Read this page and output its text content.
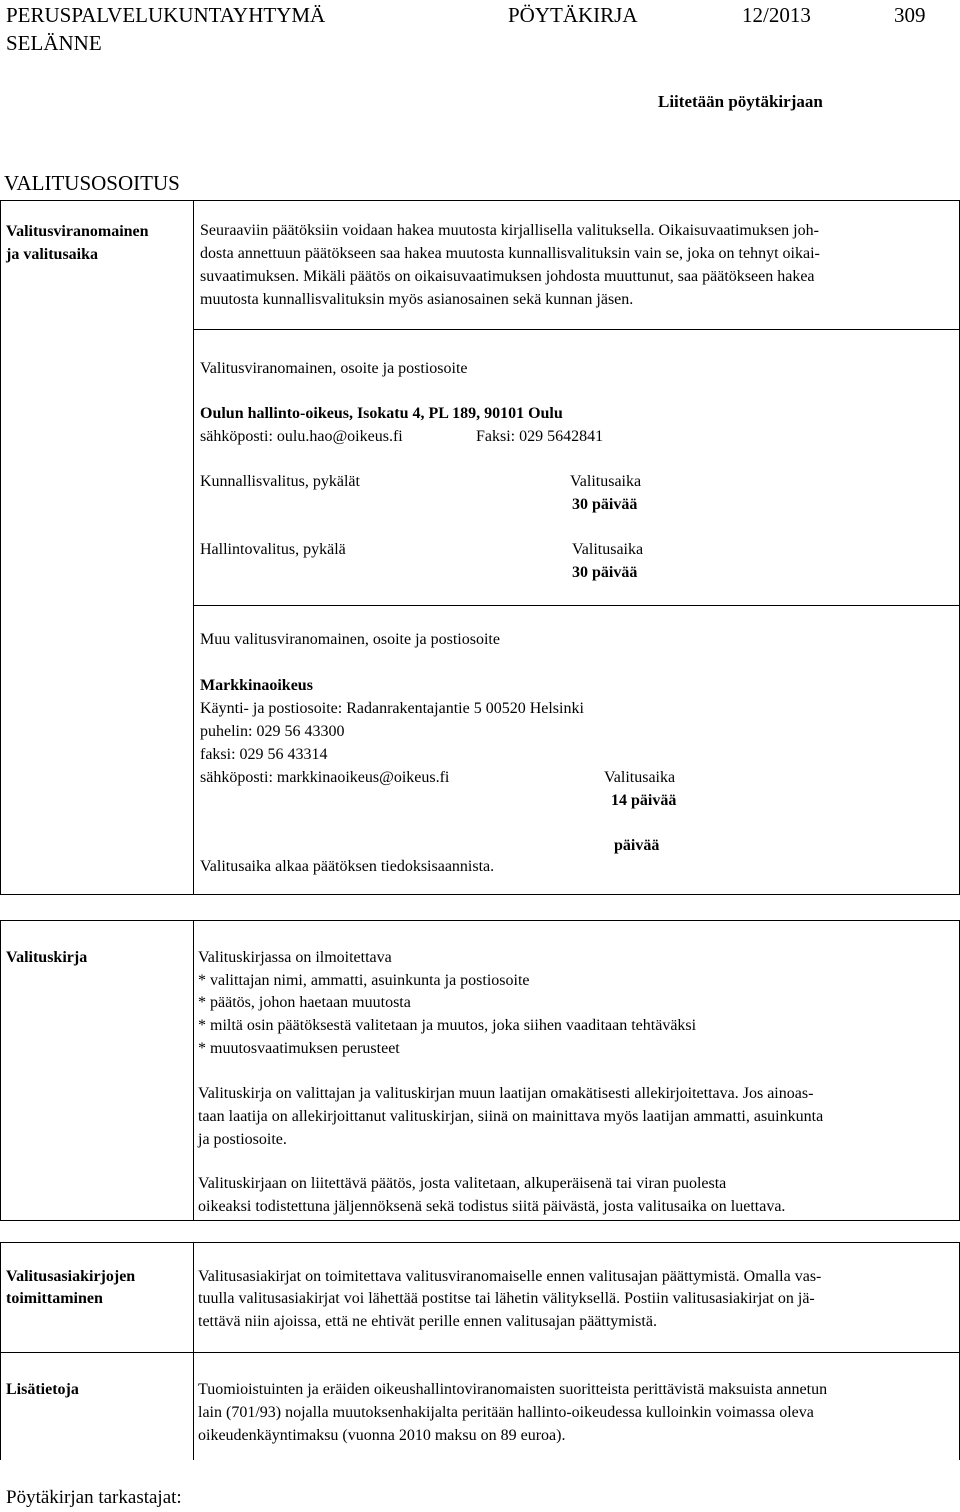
PERUSPALVELUKUNTAYHTYMÄ
SELÄNNE
PÖYTÄKIRJA	12/2013	309
Liitetään pöytäkirjaan
VALITUSOSOITUS
Valitusviranomainen
ja valitusaika
Seuraaviin päätöksiin voidaan hakea muutosta kirjallisella valituksella. Oikaisuvaatimuksen joh-
dosta annettuun päätökseen saa hakea muutosta kunnallisvalituksin vain se, joka on tehnyt oikai-
suvaatimuksen. Mikäli päätös on oikaisuvaatimuksen johdosta muuttunut, saa päätökseen hakea
muutosta kunnallisvalituksin myös asianosainen sekä kunnan jäsen.
Valitusviranomainen, osoite ja postiosoite
Oulun hallinto-oikeus, Isokatu 4, PL 189, 90101 Oulu
sähköposti: oulu.hao@oikeus.fi	Faksi: 029 5642841
Kunnallisvalitus, pykälät	Valitusaika
30 päivää
Hallintovalitus, pykälä	Valitusaika
30 päivää
Muu valitusviranomainen, osoite ja postiosoite
Markkinaoikeus
Käynti- ja postiosoite: Radanrakentajantie 5 00520 Helsinki
puhelin: 029 56 43300
faksi: 029 56 43314
sähköposti: markkinaoikeus@oikeus.fi	Valitusaika
14 päivää
päivää
Valitusaika alkaa päätöksen tiedoksisaannista.
Valituskirja	Valituskirjassa on ilmoitettava
* valittajan nimi, ammatti, asuinkunta ja postiosoite
* päätös, johon haetaan muutosta
* miltä osin päätöksestä valitetaan ja muutos, joka siihen vaaditaan tehtäväksi
* muutosvaatimuksen perusteet
Valituskirja on valittajan ja valituskirjan muun laatijan omakätisesti allekirjoitettava. Jos ainoas-
taan laatija on allekirjoittanut valituskirjan, siinä on mainittava myös laatijan ammatti, asuinkunta
ja postiosoite.
Valituskirjaan on liitettävä päätös, josta valitetaan, alkuperäisenä tai viran puolesta
oikeaksi todistettuna jäljennöksenä sekä todistus siitä päivästä, josta valitusaika on luettava.
Valitusasiakirjojen
toimittaminen
Valitusasiakirjat on toimitettava valitusviranomaiselle ennen valitusajan päättymistä. Omalla vas-
tuulla valitusasiakirjat voi lähettää postitse tai lähetin välityksellä. Postiin valitusasiakirjat on jä-
tettävä niin ajoissa, että ne ehtivät perille ennen valitusajan päättymistä.
Lisätietoja	Tuomioistuinten ja eräiden oikeushallintoviranomaisten suoritteista perittävistä maksuista annetun
lain (701/93) nojalla muutoksenhakijalta peritään hallinto-oikeudessa kulloinkin voimassa oleva
oikeudenkäyntimaksu (vuonna 2010 maksu on 89 euroa).
Pöytäkirjan tarkastajat:
